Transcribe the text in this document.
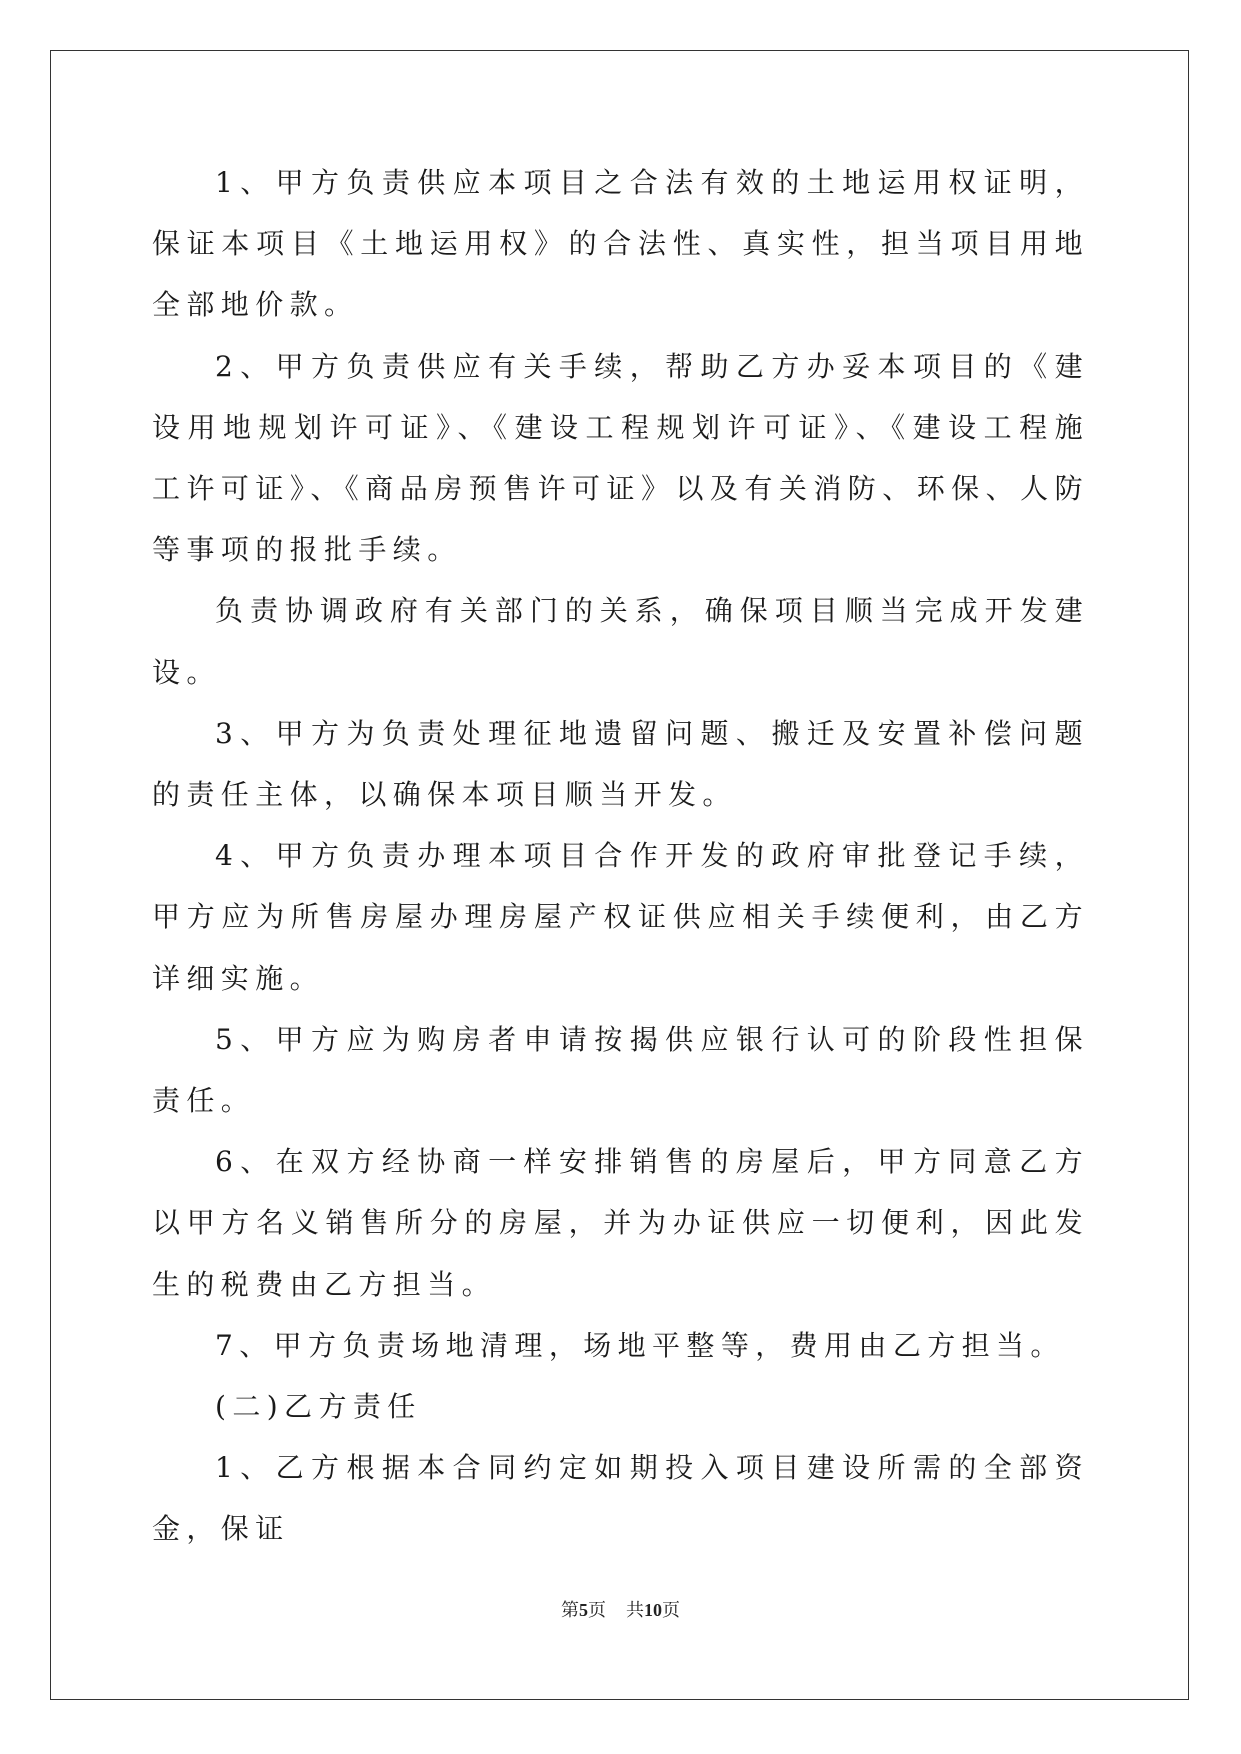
1、甲方负责供应本项目之合法有效的土地运用权证明，保证本项目《土地运用权》的合法性、真实性，担当项目用地全部地价款。

2、甲方负责供应有关手续，帮助乙方办妥本项目的《建设用地规划许可证》、《建设工程规划许可证》、《建设工程施工许可证》、《商品房预售许可证》以及有关消防、环保、人防等事项的报批手续。

负责协调政府有关部门的关系，确保项目顺当完成开发建设。

3、甲方为负责处理征地遗留问题、搬迁及安置补偿问题的责任主体，以确保本项目顺当开发。

4、甲方负责办理本项目合作开发的政府审批登记手续，甲方应为所售房屋办理房屋产权证供应相关手续便利，由乙方详细实施。

5、甲方应为购房者申请按揭供应银行认可的阶段性担保责任。

6、在双方经协商一样安排销售的房屋后，甲方同意乙方以甲方名义销售所分的房屋，并为办证供应一切便利，因此发生的税费由乙方担当。

7、甲方负责场地清理，场地平整等，费用由乙方担当。

(二)乙方责任

1、乙方根据本合同约定如期投入项目建设所需的全部资金，保证

第5页 共10页
